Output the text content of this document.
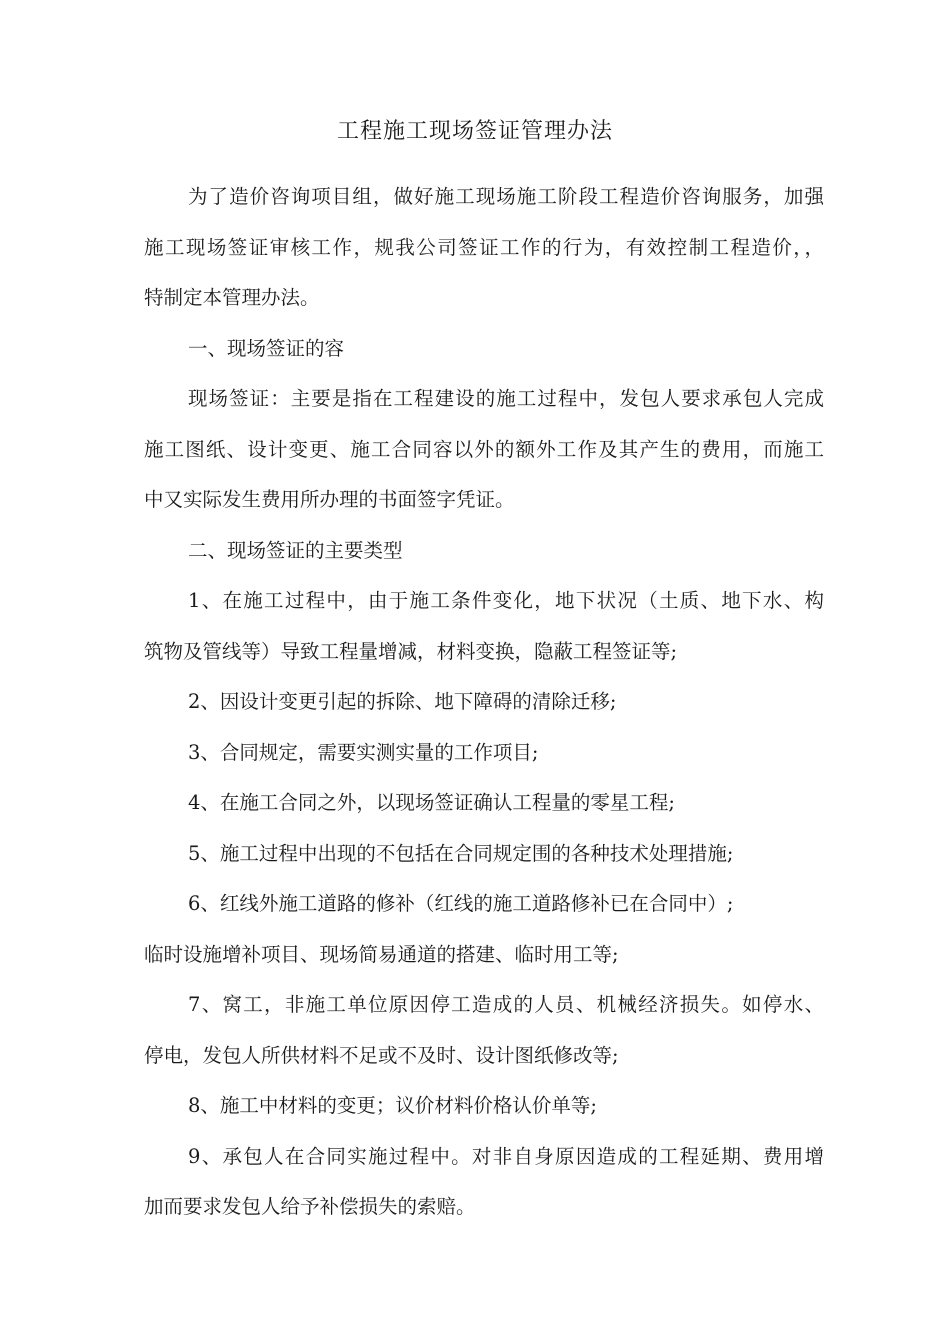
工程施工现场签证管理办法

为了造价咨询项目组，做好施工现场施工阶段工程造价咨询服务，加强
施工现场签证审核工作，规我公司签证工作的行为，有效控制工程造价，，
特制定本管理办法。

一、现场签证的容

现场签证：主要是指在工程建设的施工过程中，发包人要求承包人完成
施工图纸、设计变更、施工合同容以外的额外工作及其产生的费用，而施工
中又实际发生费用所办理的书面签字凭证。

二、现场签证的主要类型

1、在施工过程中，由于施工条件变化，地下状况（土质、地下水、构
筑物及管线等）导致工程量增减，材料变换，隐蔽工程签证等;

2、因设计变更引起的拆除、地下障碍的清除迁移;

3、合同规定，需要实测实量的工作项目;

4、在施工合同之外，以现场签证确认工程量的零星工程;

5、施工过程中出现的不包括在合同规定围的各种技术处理措施;

6、红线外施工道路的修补（红线的施工道路修补已在合同中）;

临时设施增补项目、现场简易通道的搭建、临时用工等;

7、窝工，非施工单位原因停工造成的人员、机械经济损失。如停水、
停电，发包人所供材料不足或不及时、设计图纸修改等;

8、施工中材料的变更；议价材料价格认价单等;

9、承包人在合同实施过程中。对非自身原因造成的工程延期、费用增
加而要求发包人给予补偿损失的索赔。
